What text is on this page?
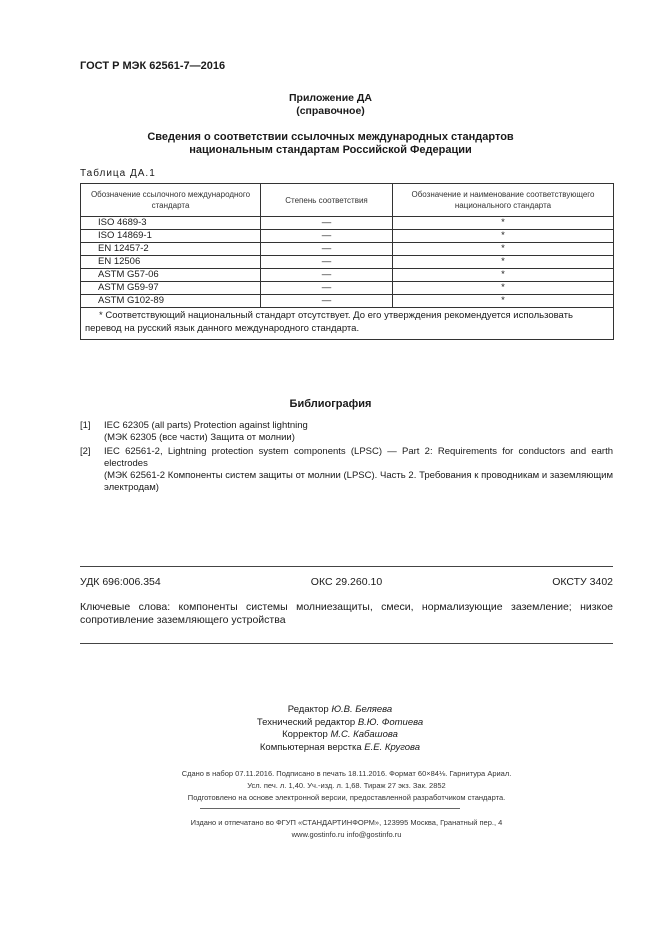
ГОСТ Р МЭК 62561-7—2016
Приложение ДА
(справочное)
Сведения о соответствии ссылочных международных стандартов
национальным стандартам Российской Федерации
Таблица ДА.1
Обозначение ссылочного международного стандарта	Степень соответствия	Обозначение и наименование соответствующего национального стандарта
ISO 4689-3	—	*
ISO 14869-1	—	*
EN 12457-2	—	*
EN 12506	—	*
ASTM G57-06	—	*
ASTM G59-97	—	*
ASTM G102-89	—	*
* Соответствующий национальный стандарт отсутствует. До его утверждения рекомендуется использовать перевод на русский язык данного международного стандарта.		
Библиография
[1] IEC 62305 (all parts) Protection against lightning
(МЭК 62305 (все части) Защита от молнии)
[2] IEC 62561-2, Lightning protection system components (LPSC) — Part 2: Requirements for conductors and earth electrodes
(МЭК 62561-2 Компоненты систем защиты от молнии (LPSC). Часть 2. Требования к проводникам и заземляющим электродам)
УДК 696:006.354	ОКС 29.260.10	ОКСТУ 3402
Ключевые слова: компоненты системы молниезащиты, смеси, нормализующие заземление; низкое сопротивление заземляющего устройства
Редактор Ю.В. Беляева
Технический редактор В.Ю. Фотиева
Корректор М.С. Кабашова
Компьютерная верстка Е.Е. Кругова
Сдано в набор 07.11.2016. Подписано в печать 18.11.2016. Формат 60×84⅛. Гарнитура Ариал.
Усл. печ. л. 1,40. Уч.-изд. л. 1,68. Тираж 27 экз. Зак. 2852
Подготовлено на основе электронной версии, предоставленной разработчиком стандарта.
Издано и отпечатано во ФГУП «СТАНДАРТИНФОРМ», 123995 Москва, Гранатный пер., 4
www.gostinfo.ru info@gostinfo.ru
